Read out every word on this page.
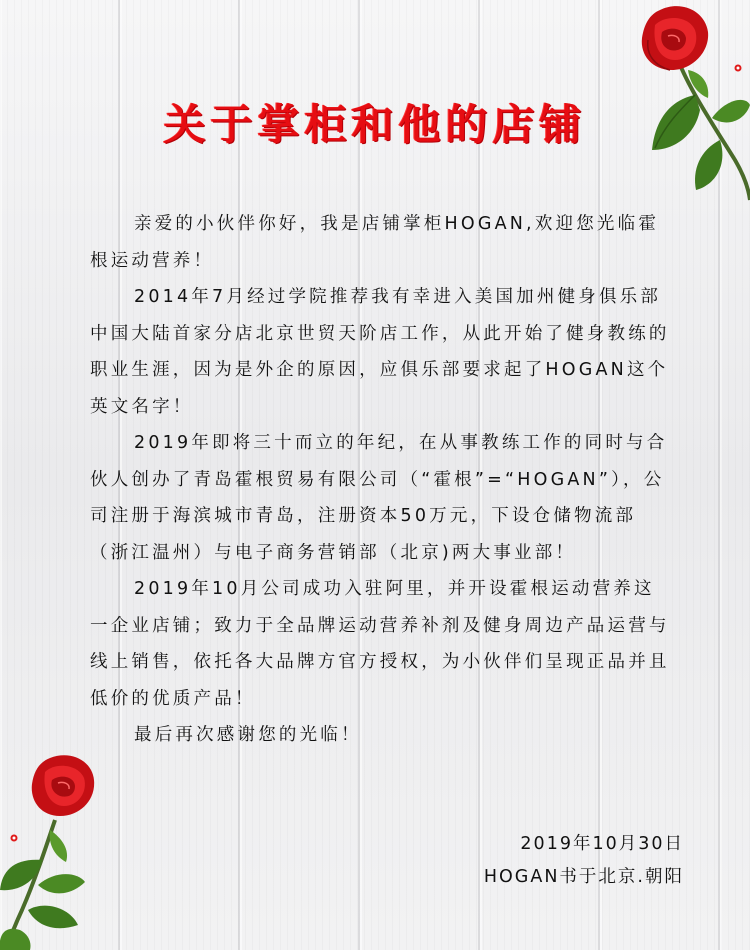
关于掌柜和他的店铺

亲爱的小伙伴你好，我是店铺掌柜HOGAN,欢迎您光临霍根运动营养！

2014年7月经过学院推荐我有幸进入美国加州健身俱乐部中国大陆首家分店北京世贸天阶店工作，从此开始了健身教练的职业生涯，因为是外企的原因，应俱乐部要求起了HOGAN这个英文名字！

2019年即将三十而立的年纪，在从事教练工作的同时与合伙人创办了青岛霍根贸易有限公司（“霍根”=“HOGAN”），公司注册于海滨城市青岛，注册资本50万元，下设仓储物流部（浙江温州）与电子商务营销部（北京)两大事业部！

2019年10月公司成功入驻阿里，并开设霍根运动营养这一企业店铺；致力于全品牌运动营养补剂及健身周边产品运营与线上销售，依托各大品牌方官方授权，为小伙伴们呈现正品并且低价的优质产品！

最后再次感谢您的光临！

2019年10月30日
HOGAN书于北京.朝阳
